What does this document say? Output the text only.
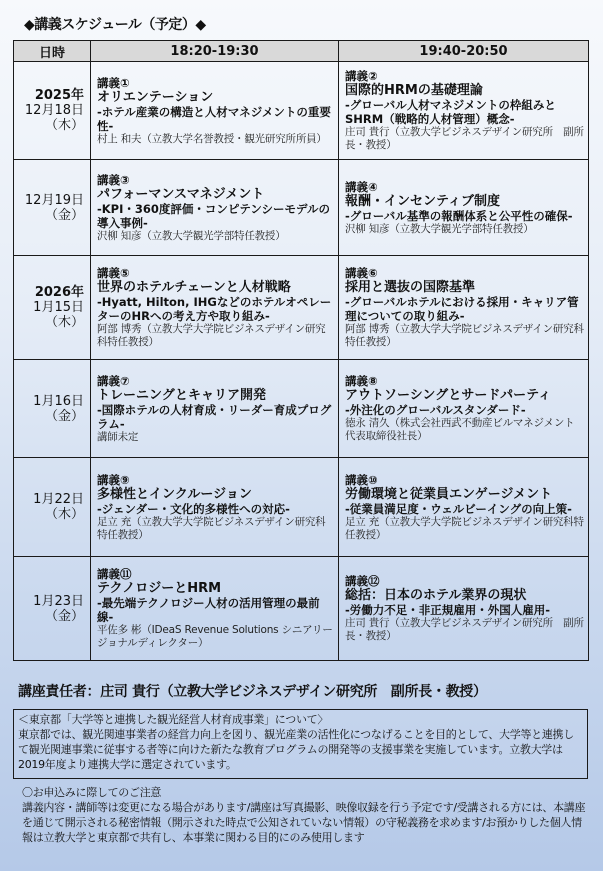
◆講義スケジュール（予定）◆
日時	18:20-19:30	19:40-20:50

2025年
12月18日
（木）	講義①
オリエンテーション
-ホテル産業の構造と人材マネジメントの重要性-
村上 和夫（立教大学名誉教授・観光研究所所員）	講義②
国際的HRMの基礎理論
-グローバル人材マネジメントの枠組みとSHRM（戦略的人材管理）概念-
庄司 貴行（立教大学ビジネスデザイン研究所　副所長・教授）

12月19日
（金）	講義③
パフォーマンスマネジメント
-KPI・360度評価・コンピテンシーモデルの導入事例-
沢柳 知彦（立教大学観光学部特任教授）	講義④
報酬・インセンティブ制度
-グローバル基準の報酬体系と公平性の確保-
沢柳 知彦（立教大学観光学部特任教授）

2026年
1月15日
（木）	講義⑤
世界のホテルチェーンと人材戦略
-Hyatt, Hilton, IHGなどのホテルオペレーターのHRへの考え方や取り組み-
阿部 博秀（立教大学大学院ビジネスデザイン研究科特任教授）	講義⑥
採用と選抜の国際基準
-グローバルホテルにおける採用・キャリア管理についての取り組み-
阿部 博秀（立教大学大学院ビジネスデザイン研究科特任教授）

1月16日
（金）	講義⑦
トレーニングとキャリア開発
-国際ホテルの人材育成・リーダー育成プログラム-
講師未定	講義⑧
アウトソーシングとサードパーティ
-外注化のグローバルスタンダード-
徳永 清久（株式会社西武不動産ビルマネジメント 代表取締役社長）

1月22日
（木）	講義⑨
多様性とインクルージョン
-ジェンダー・文化的多様性への対応-
足立 充（立教大学大学院ビジネスデザイン研究科特任教授）	講義⑩
労働環境と従業員エンゲージメント
-従業員満足度・ウェルビーイングの向上策-
足立 充（立教大学大学院ビジネスデザイン研究科特任教授）

1月23日
（金）	講義⑪
テクノロジーとHRM
-最先端テクノロジー人材の活用管理の最前線-
平佐多 彬（IDeaS Revenue Solutions シニアリージョナルディレクター）	講義⑫
総括：日本のホテル業界の現状
-労働力不足・非正規雇用・外国人雇用-
庄司 貴行（立教大学ビジネスデザイン研究所　副所長・教授）
講座責任者：庄司 貴行（立教大学ビジネスデザイン研究所　副所長・教授）
＜東京都「大学等と連携した観光経営人材育成事業」について〉
東京都では、観光関連事業者の経営力向上を図り、観光産業の活性化につなげることを目的として、大学等と連携して観光関連事業に従事する者等に向けた新たな教育プログラムの開発等の支援事業を実施しています。立教大学は2019年度より連携大学に選定されています。
〇お申込みに際してのご注意
講義内容・講師等は変更になる場合があります/講座は写真撮影、映像収録を行う予定です/受講される方には、本講座を通じて開示される秘密情報（開示された時点で公知されていない情報）の守秘義務を求めます/お預かりした個人情報は立教大学と東京都で共有し、本事業に関わる目的にのみ使用します
